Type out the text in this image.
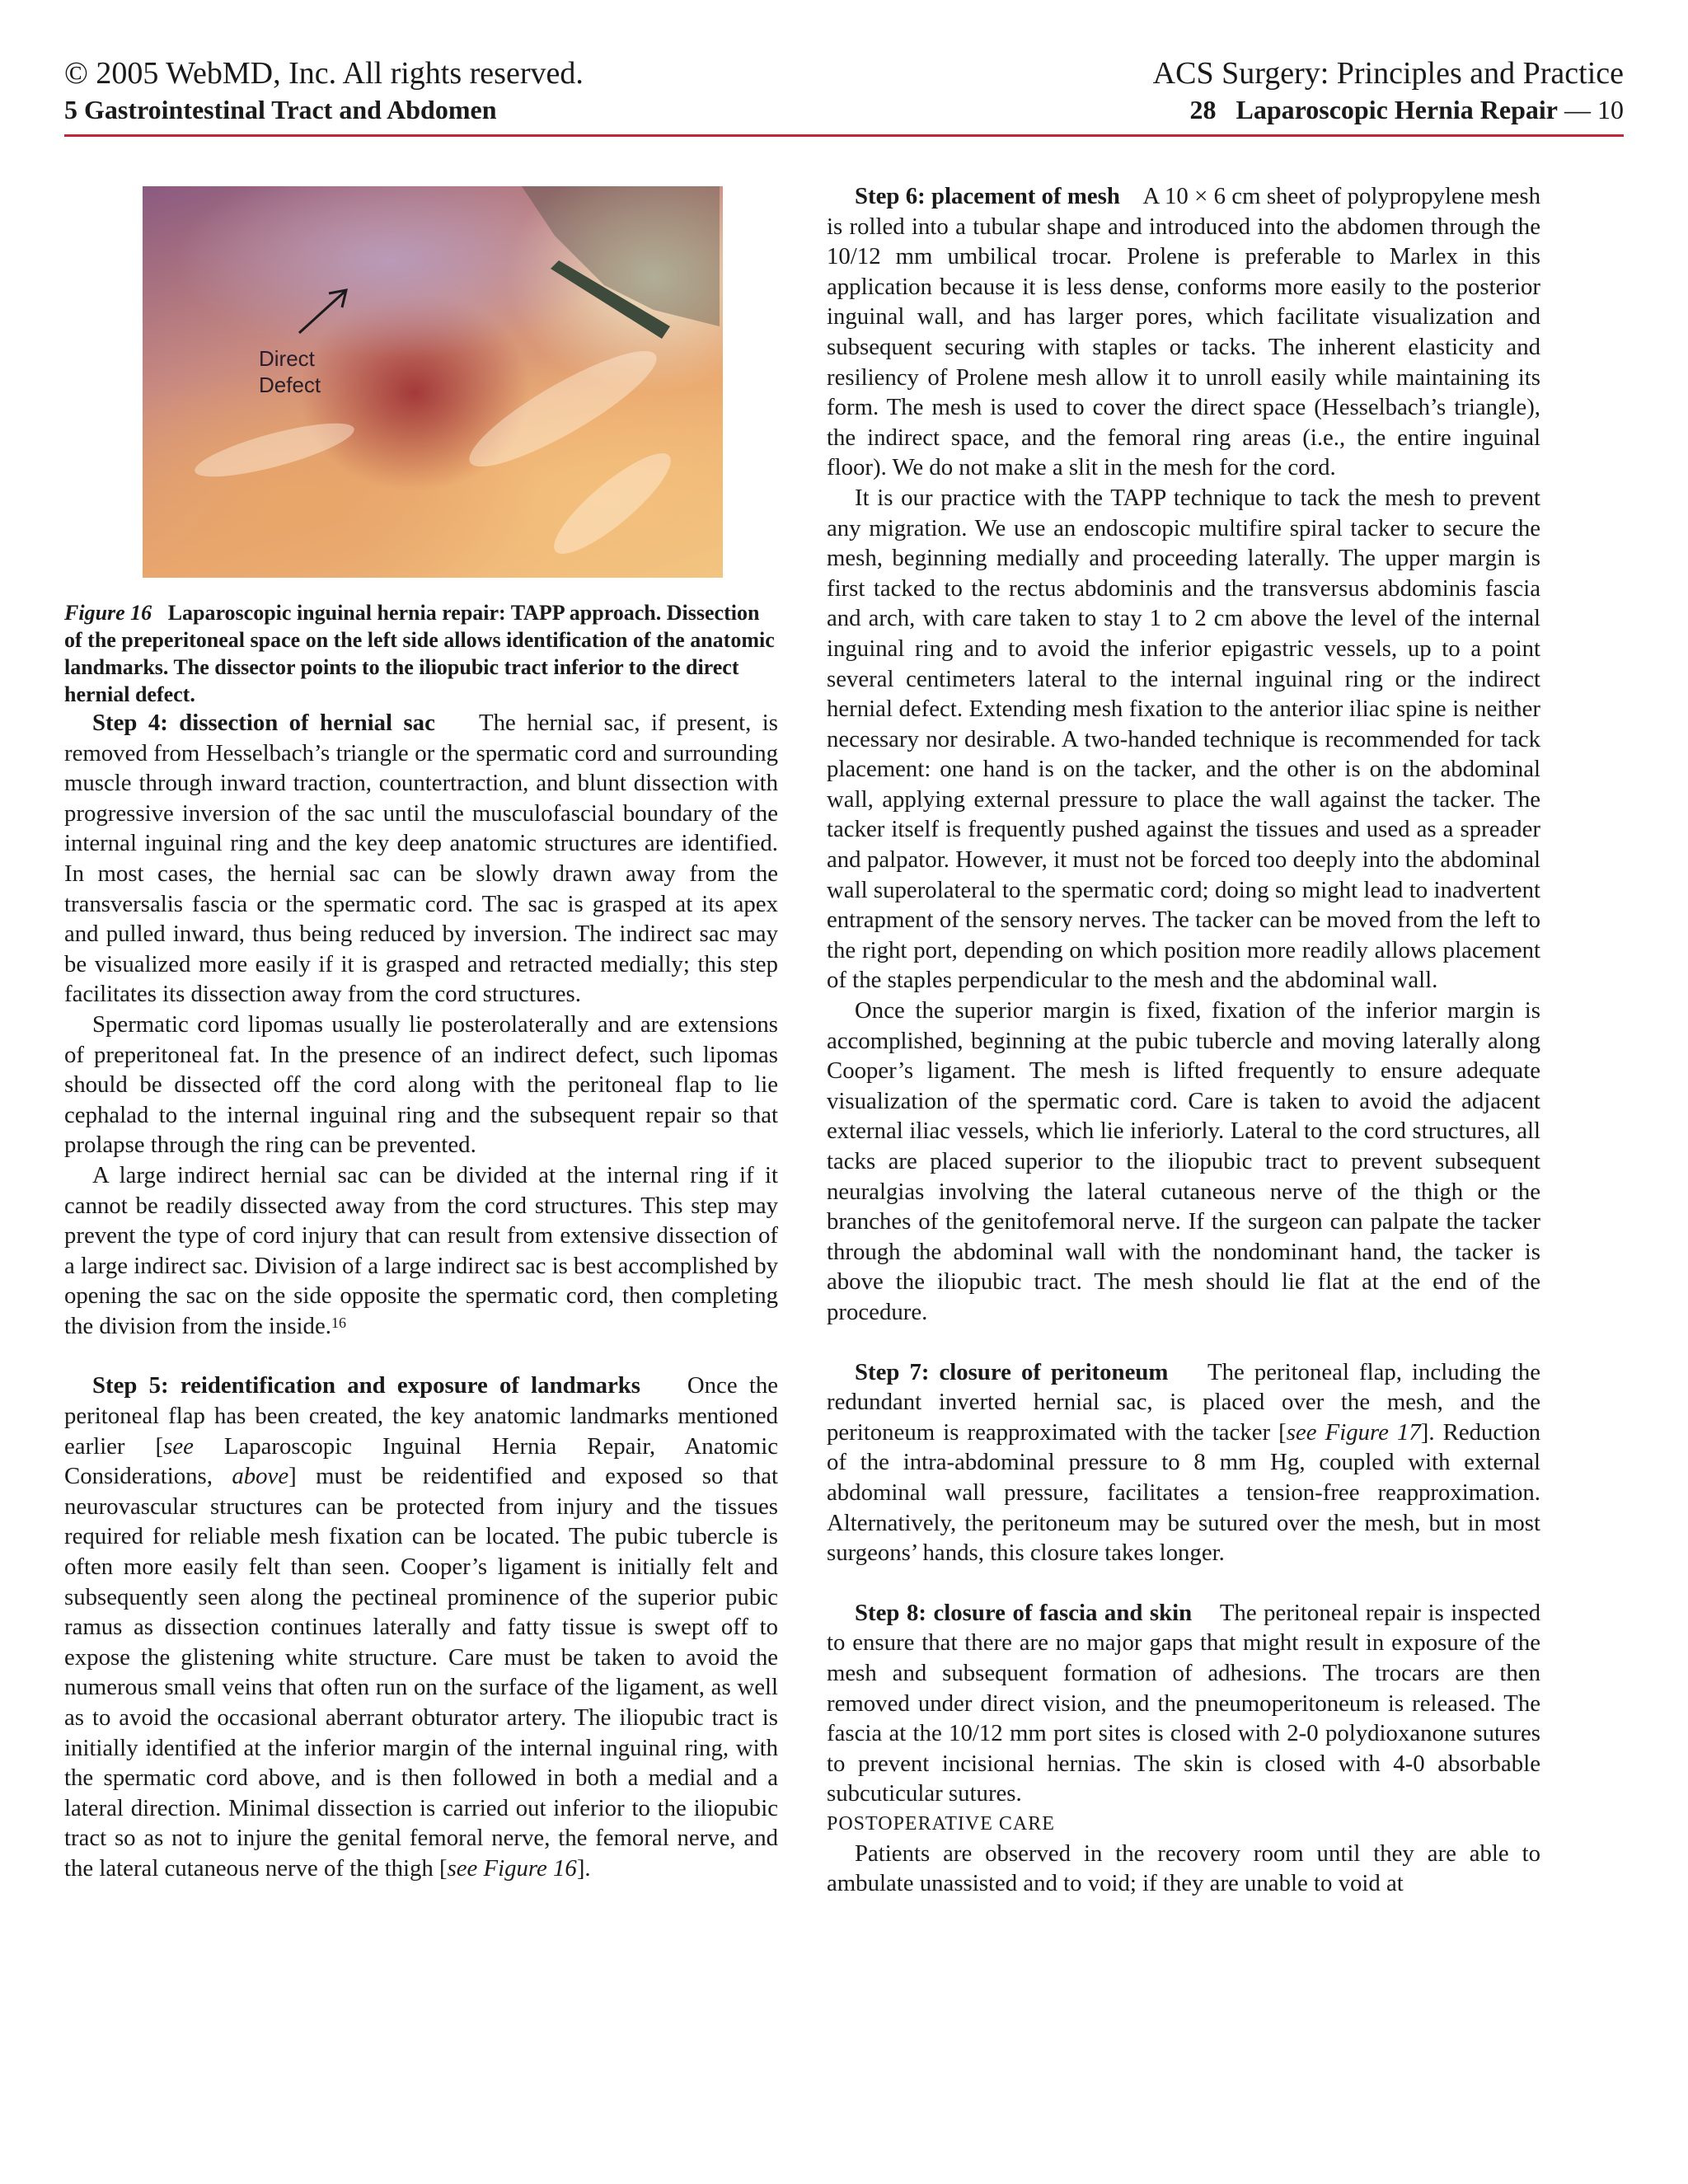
© 2005 WebMD, Inc. All rights reserved.
5 Gastrointestinal Tract and Abdomen
ACS Surgery: Principles and Practice
28 Laparoscopic Hernia Repair — 10
Direct
Defect

Figure 16 Laparoscopic inguinal hernia repair: TAPP approach. Dissection of the preperitoneal space on the left side allows identification of the anatomic landmarks. The dissector points to the iliopubic tract inferior to the direct hernial defect.

Step 4: dissection of hernial sac The hernial sac, if present, is removed from Hesselbach’s triangle or the spermatic cord and surrounding muscle through inward traction, countertraction, and blunt dissection with progressive inversion of the sac until the musculofascial boundary of the internal inguinal ring and the key deep anatomic structures are identified. In most cases, the hernial sac can be slowly drawn away from the transversalis fascia or the spermatic cord. The sac is grasped at its apex and pulled inward, thus being reduced by inversion. The indirect sac may be visualized more easily if it is grasped and retracted medially; this step facilitates its dissection away from the cord structures.

Spermatic cord lipomas usually lie posterolaterally and are extensions of preperitoneal fat. In the presence of an indirect defect, such lipomas should be dissected off the cord along with the peritoneal flap to lie cephalad to the internal inguinal ring and the subsequent repair so that prolapse through the ring can be prevented.

A large indirect hernial sac can be divided at the internal ring if it cannot be readily dissected away from the cord structures. This step may prevent the type of cord injury that can result from extensive dissection of a large indirect sac. Division of a large indirect sac is best accomplished by opening the sac on the side opposite the spermatic cord, then completing the division from the inside.$^{16}$

Step 5: reidentification and exposure of landmarks Once the peritoneal flap has been created, the key anatomic landmarks mentioned earlier [see Laparoscopic Inguinal Hernia Repair, Anatomic Considerations, above] must be reidentified and exposed so that neurovascular structures can be protected from injury and the tissues required for reliable mesh fixation can be located. The pubic tubercle is often more easily felt than seen. Cooper’s ligament is initially felt and subsequently seen along the pectineal prominence of the superior pubic ramus as dissection continues laterally and fatty tissue is swept off to expose the glistening white structure. Care must be taken to avoid the numerous small veins that often run on the surface of the ligament, as well as to avoid the occasional aberrant obturator artery. The iliopubic tract is initially identified at the inferior margin of the internal inguinal ring, with the spermatic cord above, and is then followed in both a medial and a lateral direction. Minimal dissection is carried out inferior to the iliopubic tract so as not to injure the genital femoral nerve, the femoral nerve, and the lateral cutaneous nerve of the thigh [see Figure 16].

Step 6: placement of mesh A 10 × 6 cm sheet of polypropylene mesh is rolled into a tubular shape and introduced into the abdomen through the 10/12 mm umbilical trocar. Prolene is preferable to Marlex in this application because it is less dense, conforms more easily to the posterior inguinal wall, and has larger pores, which facilitate visualization and subsequent securing with staples or tacks. The inherent elasticity and resiliency of Prolene mesh allow it to unroll easily while maintaining its form. The mesh is used to cover the direct space (Hesselbach’s triangle), the indirect space, and the femoral ring areas (i.e., the entire inguinal floor). We do not make a slit in the mesh for the cord.

It is our practice with the TAPP technique to tack the mesh to prevent any migration. We use an endoscopic multifire spiral tacker to secure the mesh, beginning medially and proceeding laterally. The upper margin is first tacked to the rectus abdominis and the transversus abdominis fascia and arch, with care taken to stay 1 to 2 cm above the level of the internal inguinal ring and to avoid the inferior epigastric vessels, up to a point several centimeters lateral to the internal inguinal ring or the indirect hernial defect. Extending mesh fixation to the anterior iliac spine is neither necessary nor desirable. A two-handed technique is recommended for tack placement: one hand is on the tacker, and the other is on the abdominal wall, applying external pressure to place the wall against the tacker. The tacker itself is frequently pushed against the tissues and used as a spreader and palpator. However, it must not be forced too deeply into the abdominal wall superolateral to the spermatic cord; doing so might lead to inadvertent entrapment of the sensory nerves. The tacker can be moved from the left to the right port, depending on which position more readily allows placement of the staples perpendicular to the mesh and the abdominal wall.

Once the superior margin is fixed, fixation of the inferior margin is accomplished, beginning at the pubic tubercle and moving laterally along Cooper’s ligament. The mesh is lifted frequently to ensure adequate visualization of the spermatic cord. Care is taken to avoid the adjacent external iliac vessels, which lie inferiorly. Lateral to the cord structures, all tacks are placed superior to the iliopubic tract to prevent subsequent neuralgias involving the lateral cutaneous nerve of the thigh or the branches of the genitofemoral nerve. If the surgeon can palpate the tacker through the abdominal wall with the nondominant hand, the tacker is above the iliopubic tract. The mesh should lie flat at the end of the procedure.

Step 7: closure of peritoneum The peritoneal flap, including the redundant inverted hernial sac, is placed over the mesh, and the peritoneum is reapproximated with the tacker [see Figure 17]. Reduction of the intra-abdominal pressure to 8 mm Hg, coupled with external abdominal wall pressure, facilitates a tension-free reapproximation. Alternatively, the peritoneum may be sutured over the mesh, but in most surgeons’ hands, this closure takes longer.

Step 8: closure of fascia and skin The peritoneal repair is inspected to ensure that there are no major gaps that might result in exposure of the mesh and subsequent formation of adhesions. The trocars are then removed under direct vision, and the pneumoperitoneum is released. The fascia at the 10/12 mm port sites is closed with 2-0 polydioxanone sutures to prevent incisional hernias. The skin is closed with 4-0 absorbable subcuticular sutures.

POSTOPERATIVE CARE

Patients are observed in the recovery room until they are able to ambulate unassisted and to void; if they are unable to void at
